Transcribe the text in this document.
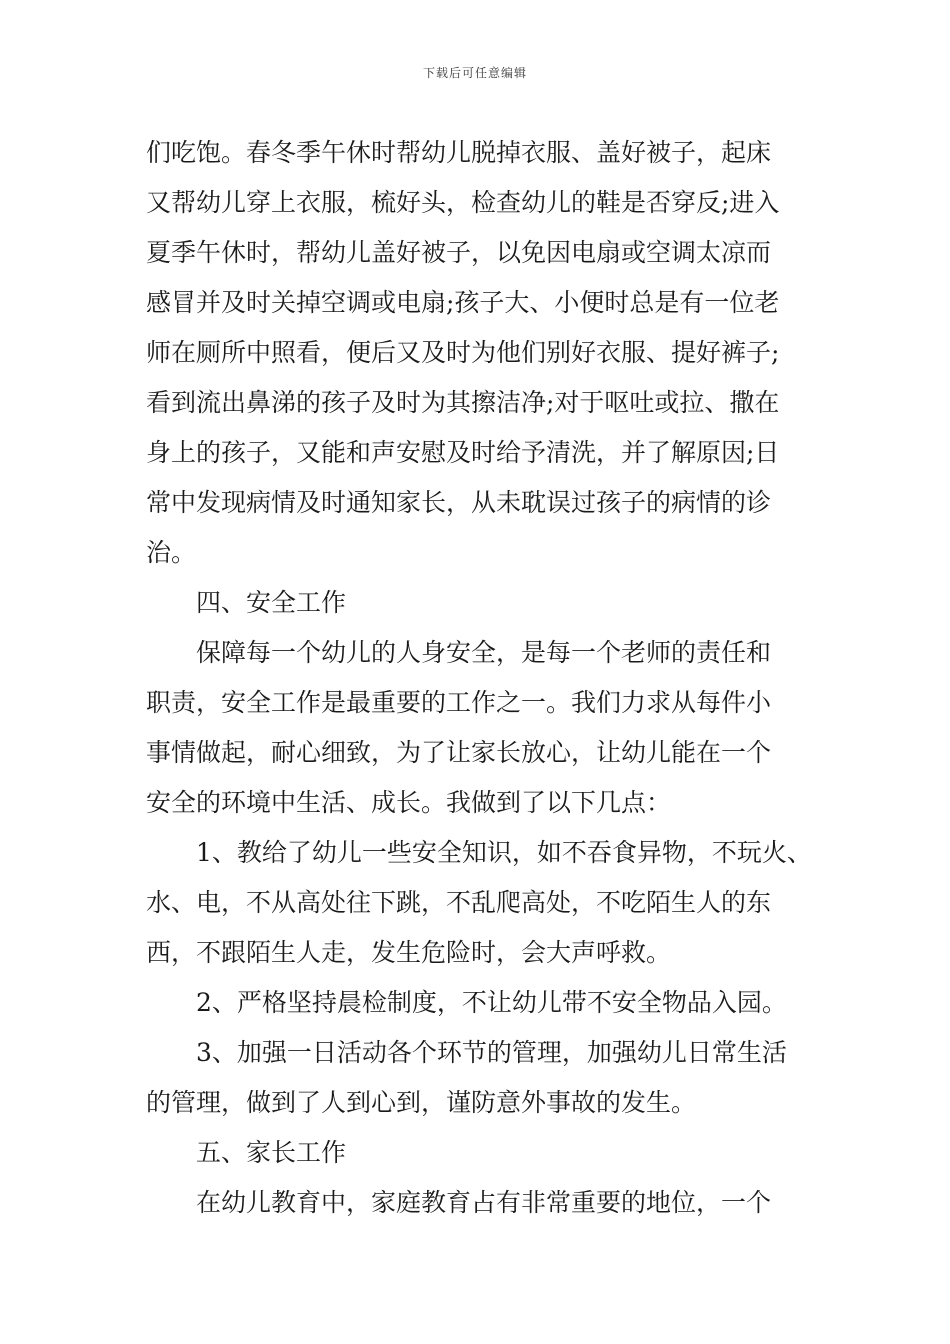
下载后可任意编辑
们吃饱。春冬季午休时帮幼儿脱掉衣服、盖好被子，起床
又帮幼儿穿上衣服，梳好头，检查幼儿的鞋是否穿反;进入
夏季午休时，帮幼儿盖好被子，以免因电扇或空调太凉而
感冒并及时关掉空调或电扇;孩子大、小便时总是有一位老
师在厕所中照看，便后又及时为他们别好衣服、提好裤子;
看到流出鼻涕的孩子及时为其擦洁净;对于呕吐或拉、撒在
身上的孩子，又能和声安慰及时给予清洗，并了解原因;日
常中发现病情及时通知家长，从未耽误过孩子的病情的诊
治。
四、安全工作
保障每一个幼儿的人身安全，是每一个老师的责任和
职责，安全工作是最重要的工作之一。我们力求从每件小
事情做起，耐心细致，为了让家长放心，让幼儿能在一个
安全的环境中生活、成长。我做到了以下几点：
1、教给了幼儿一些安全知识，如不吞食异物，不玩火、
水、电，不从高处往下跳，不乱爬高处，不吃陌生人的东
西，不跟陌生人走，发生危险时，会大声呼救。
2、严格坚持晨检制度，不让幼儿带不安全物品入园。
3、加强一日活动各个环节的管理，加强幼儿日常生活
的管理，做到了人到心到，谨防意外事故的发生。
五、家长工作
在幼儿教育中，家庭教育占有非常重要的地位，一个
